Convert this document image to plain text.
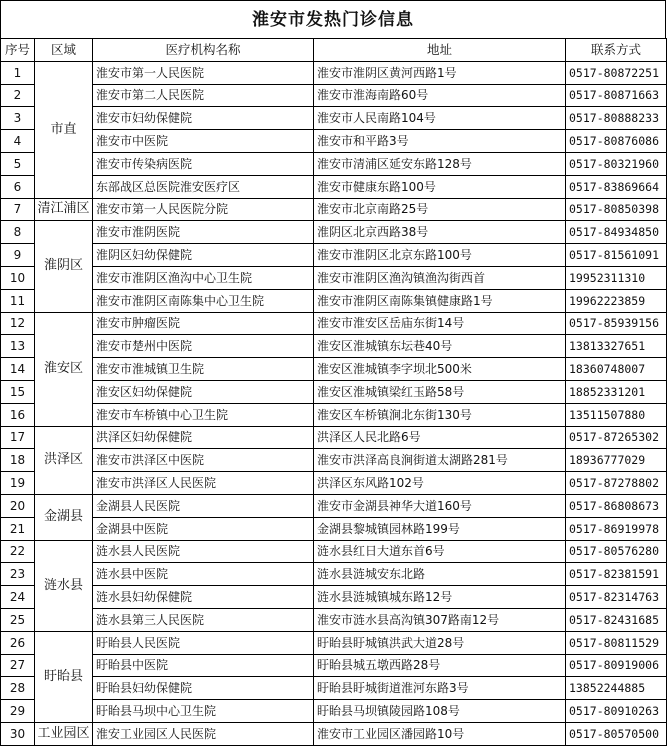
淮安市发热门诊信息
序号	区域	医疗机构名称	地址	联系方式
1	市直	淮安市第一人民医院	淮安市淮阴区黄河西路1号	0517-80872251
2		淮安市第二人民医院	淮安市淮海南路60号	0517-80871663
3		淮安市妇幼保健院	淮安市人民南路104号	0517-80888233
4		淮安市中医院	淮安市和平路3号	0517-80876086
5		淮安市传染病医院	淮安市清浦区延安东路128号	0517-80321960
6		东部战区总医院淮安医疗区	淮安市健康东路100号	0517-83869664
7	清江浦区	淮安市第一人民医院分院	淮安市北京南路25号	0517-80850398
8	淮阴区	淮安市淮阴医院	淮阴区北京西路38号	0517-84934850
9		淮阴区妇幼保健院	淮安市淮阴区北京东路100号	0517-81561091
10		淮安市淮阴区渔沟中心卫生院	淮安市淮阴区渔沟镇渔沟街西首	19952311310
11		淮安市淮阴区南陈集中心卫生院	淮安市淮阴区南陈集镇健康路1号	19962223859
12	淮安区	淮安市肿瘤医院	淮安市淮安区岳庙东街14号	0517-85939156
13		淮安市楚州中医院	淮安区淮城镇东坛巷40号	13813327651
14		淮安市淮城镇卫生院	淮安区淮城镇李字坝北500米	18360748007
15		淮安区妇幼保健院	淮安区淮城镇梁红玉路58号	18852331201
16		淮安市车桥镇中心卫生院	淮安区车桥镇涧北东街130号	13511507880
17	洪泽区	洪泽区妇幼保健院	洪泽区人民北路6号	0517-87265302
18		淮安市洪泽区中医院	淮安市洪泽高良涧街道太湖路281号	18936777029
19		淮安市洪泽区人民医院	洪泽区东风路102号	0517-87278802
20	金湖县	金湖县人民医院	淮安市金湖县神华大道160号	0517-86808673
21		金湖县中医院	金湖县黎城镇园林路199号	0517-86919978
22	涟水县	涟水县人民医院	涟水县红日大道东首6号	0517-80576280
23		涟水县中医院	涟水县涟城安东北路	0517-82381591
24		涟水县妇幼保健院	涟水县涟城镇城东路12号	0517-82314763
25		涟水县第三人民医院	淮安市涟水县高沟镇307路南12号	0517-82431685
26	盱眙县	盱眙县人民医院	盱眙县盱城镇洪武大道28号	0517-80811529
27		盱眙县中医院	盱眙县城五墩西路28号	0517-80919006
28		盱眙县妇幼保健院	盱眙县盱城街道淮河东路3号	13852244885
29		盱眙县马坝中心卫生院	盱眙县马坝镇陵园路108号	0517-80910263
30	工业园区	淮安工业园区人民医院	淮安市工业园区潘园路10号	0517-80570500
